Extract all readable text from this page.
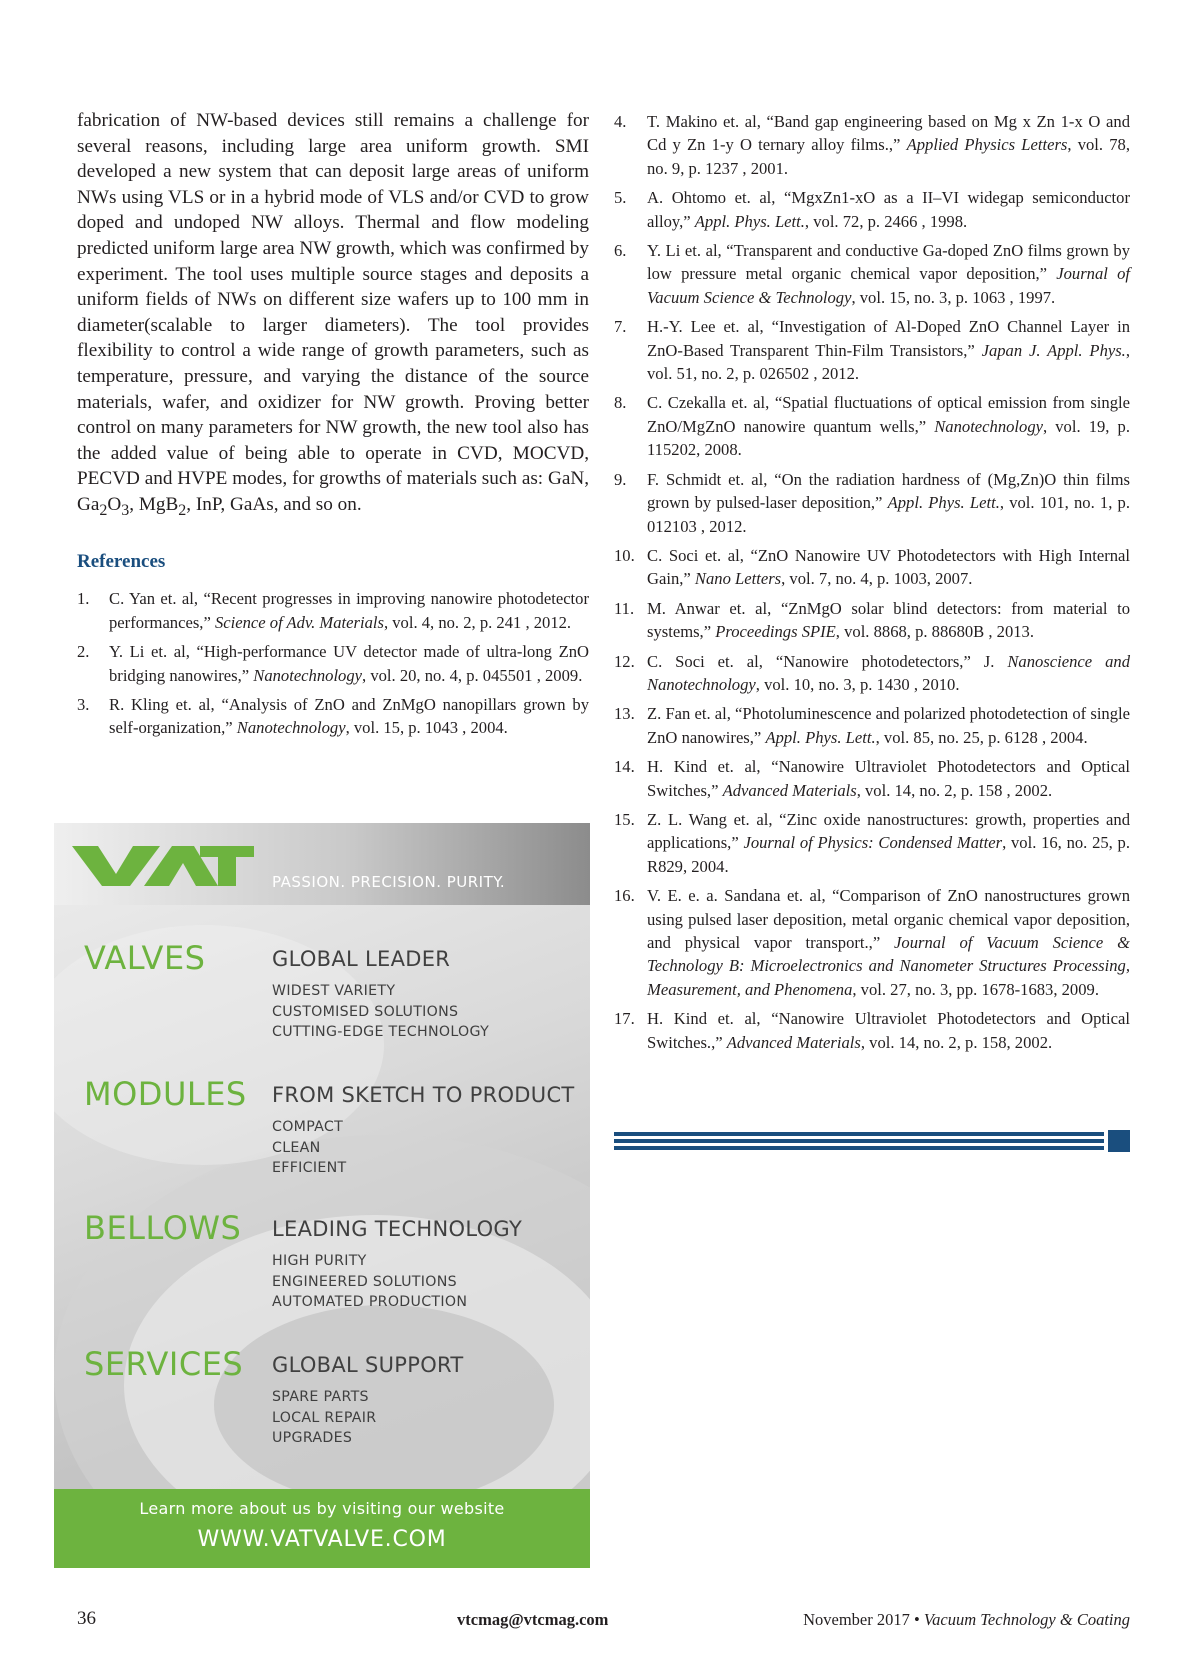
fabrication of NW-based devices still remains a challenge for several reasons, including large area uniform growth. SMI developed a new system that can deposit large areas of uniform NWs using VLS or in a hybrid mode of VLS and/or CVD to grow doped and undoped NW alloys. Thermal and flow modeling predicted uniform large area NW growth, which was confirmed by experiment. The tool uses multiple source stages and deposits a uniform fields of NWs on different size wafers up to 100 mm in diameter(scalable to larger diameters). The tool provides flexibility to control a wide range of growth parameters, such as temperature, pressure, and varying the distance of the source materials, wafer, and oxidizer for NW growth. Proving better control on many parameters for NW growth, the new tool also has the added value of being able to operate in CVD, MOCVD, PECVD and HVPE modes, for growths of materials such as: GaN, $Ga_2O_3$, MgB$_2$, InP, GaAs, and so on.

References
1.	C. Yan et. al, “Recent progresses in improving nanowire photodetector performances,” Science of Adv. Materials, vol. 4, no. 2, p. 241 , 2012.
2.	Y. Li et. al, “High-performance UV detector made of ultra-long ZnO bridging nanowires,” Nanotechnology, vol. 20, no. 4, p. 045501 , 2009.
3.	R. Kling et. al, “Analysis of ZnO and ZnMgO nanopillars grown by self-organization,” Nanotechnology, vol. 15, p. 1043 , 2004.
4.	T. Makino et. al, “Band gap engineering based on Mg x Zn 1-x O and Cd y Zn 1-y O ternary alloy films.,” Applied Physics Letters, vol. 78, no. 9, p. 1237 , 2001.
5.	A. Ohtomo et. al, “MgxZn1-xO as a II–VI widegap semiconductor alloy,” Appl. Phys. Lett., vol. 72, p. 2466 , 1998.
6.	Y. Li et. al, “Transparent and conductive Ga-doped ZnO films grown by low pressure metal organic chemical vapor deposition,” Journal of Vacuum Science & Technology, vol. 15, no. 3, p. 1063 , 1997.
7.	H.-Y. Lee et. al, “Investigation of Al-Doped ZnO Channel Layer in ZnO-Based Transparent Thin-Film Transistors,” Japan J. Appl. Phys., vol. 51, no. 2, p. 026502 , 2012.
8.	C. Czekalla et. al, “Spatial fluctuations of optical emission from single ZnO/MgZnO nanowire quantum wells,” Nanotechnology, vol. 19, p. 115202, 2008.
9.	F. Schmidt et. al, “On the radiation hardness of (Mg,Zn)O thin films grown by pulsed-laser deposition,” Appl. Phys. Lett., vol. 101, no. 1, p. 012103 , 2012.
10. C. Soci et. al, “ZnO Nanowire UV Photodetectors with High Internal Gain,” Nano Letters, vol. 7, no. 4, p. 1003, 2007.
11. M. Anwar et. al, “ZnMgO solar blind detectors: from material to systems,” Proceedings SPIE, vol. 8868, p. 88680B , 2013.
12. C. Soci et. al, “Nanowire photodetectors,” J. Nanoscience and Nanotechnology, vol. 10, no. 3, p. 1430 , 2010.
13. Z. Fan et. al, “Photoluminescence and polarized photodetection of single ZnO nanowires,” Appl. Phys. Lett., vol. 85, no. 25, p. 6128 , 2004.
14. H. Kind et. al, “Nanowire Ultraviolet Photodetectors and Optical Switches,” Advanced Materials, vol. 14, no. 2, p. 158 , 2002.
15. Z. L. Wang et. al, “Zinc oxide nanostructures: growth, properties and applications,” Journal of Physics: Condensed Matter, vol. 16, no. 25, p. R829, 2004.
16. V. E. e. a. Sandana et. al, “Comparison of ZnO nanostructures grown using pulsed laser deposition, metal organic chemical vapor deposition, and physical vapor transport.,” Journal of Vacuum Science & Technology B: Microelectronics and Nanometer Structures Processing, Measurement, and Phenomena, vol. 27, no. 3, pp. 1678-1683, 2009.
17. H. Kind et. al, “Nanowire Ultraviolet Photodetectors and Optical Switches.,” Advanced Materials, vol. 14, no. 2, p. 158, 2002.
PASSION. PRECISION. PURITY.
VALVES	GLOBAL LEADER
WIDEST VARIETY
CUSTOMISED SOLUTIONS
CUTTING-EDGE TECHNOLOGY
MODULES FROM SKETCH TO PRODUCT
COMPACT
CLEAN
EFFICIENT
BELLOWS LEADING TECHNOLOGY
HIGH PURITY
ENGINEERED SOLUTIONS
AUTOMATED PRODUCTION
SERVICES GLOBAL SUPPORT
SPARE PARTS
LOCAL REPAIR
UPGRADES
Learn more about us by visiting our website
WWW.VATVALVE.COM
36	vtcmag@vtcmag.com	November 2017 • Vacuum Technology & Coating
